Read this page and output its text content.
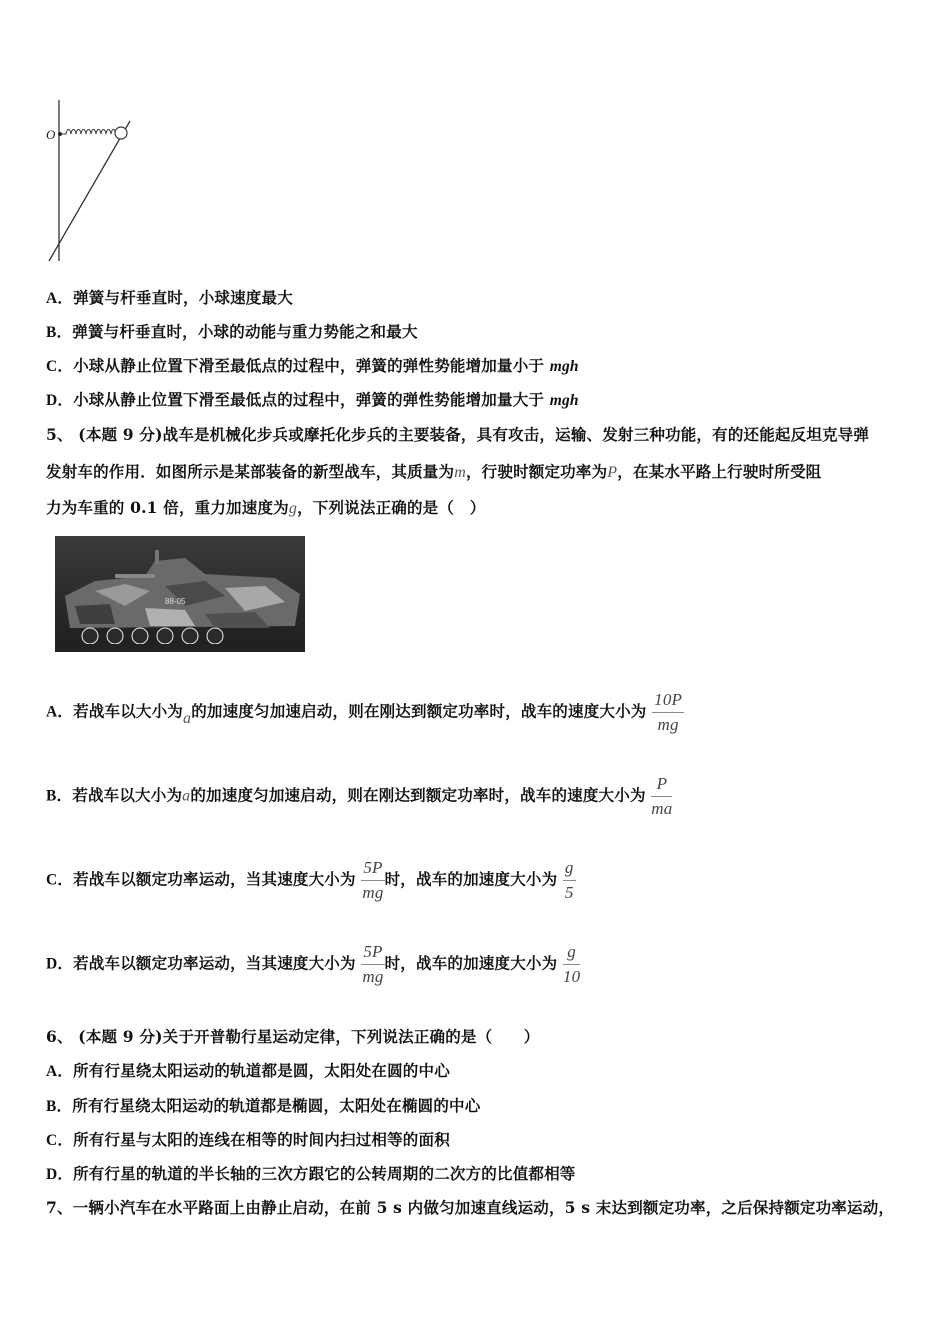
O
A．弹簧与杆垂直时，小球速度最大
B．弹簧与杆垂直时，小球的动能与重力势能之和最大
C．小球从静止位置下滑至最低点的过程中，弹簧的弹性势能增加量小于 mgh
D．小球从静止位置下滑至最低点的过程中，弹簧的弹性势能增加量大于 mgh
5、 (本题 9 分)战车是机械化步兵或摩托化步兵的主要装备，具有攻击，运输、发射三种功能，有的还能起反坦克导弹
发射车的作用．如图所示是某部装备的新型战车，其质量为m，行驶时额定功率为P，在某水平路上行驶时所受阻
力为车重的 0.1 倍，重力加速度为g，下列说法正确的是（　）
88-05
A．若战车以大小为a的加速度匀加速启动，则在刚达到额定功率时，战车的速度大小为 $\frac{10P}{mg}$
B．若战车以大小为a的加速度匀加速启动，则在刚达到额定功率时，战车的速度大小为 $\frac{P}{ma}$
C．若战车以额定功率运动，当其速度大小为 $\frac{5P}{mg}$ 时，战车的加速度大小为 $\frac{g}{5}$
D．若战车以额定功率运动，当其速度大小为 $\frac{5P}{mg}$ 时，战车的加速度大小为 $\frac{g}{10}$
6、 (本题 9 分)关于开普勒行星运动定律，下列说法正确的是（　　）
A．所有行星绕太阳运动的轨道都是圆，太阳处在圆的中心
B．所有行星绕太阳运动的轨道都是椭圆，太阳处在椭圆的中心
C．所有行星与太阳的连线在相等的时间内扫过相等的面积
D．所有行星的轨道的半长轴的三次方跟它的公转周期的二次方的比值都相等
7、一辆小汽车在水平路面上由静止启动，在前 5 s 内做匀加速直线运动，5 s 末达到额定功率，之后保持额定功率运动，
